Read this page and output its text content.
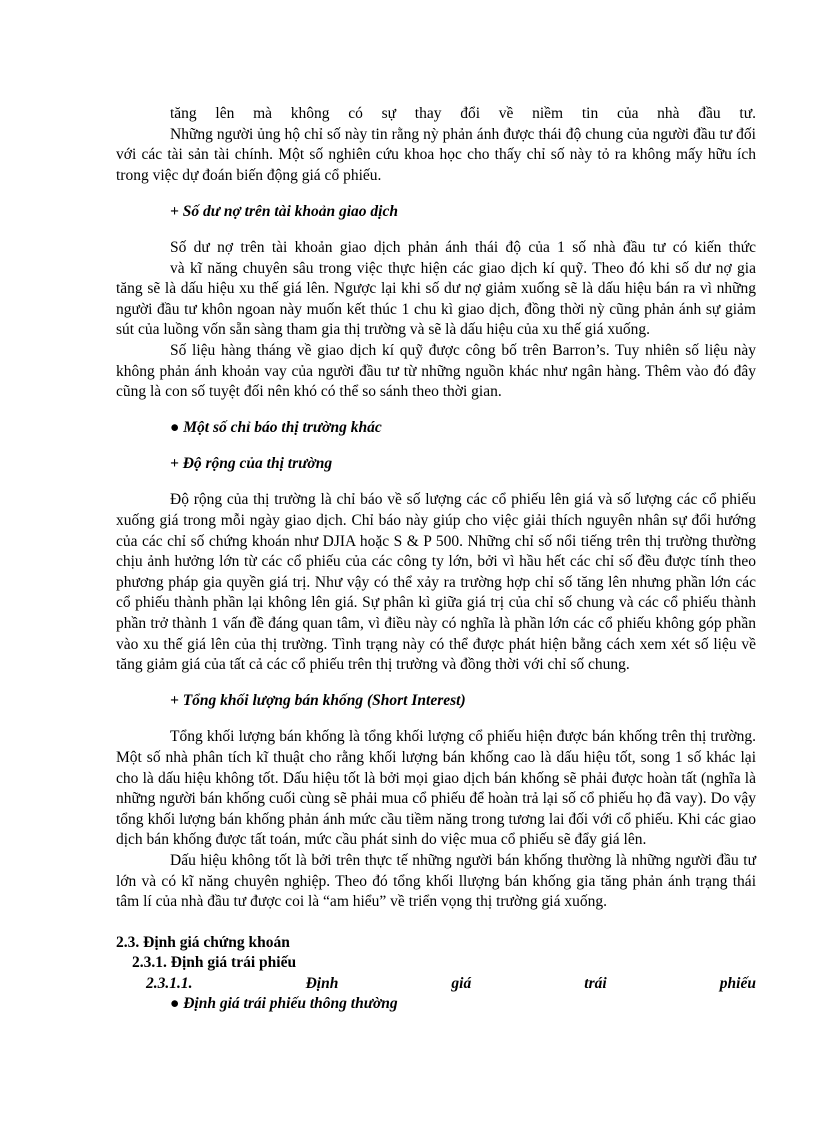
tăng lên mà không có sự thay đổi về niềm tin của nhà đầu tư.

Những người ủng hộ chỉ số này tin rằng nỳ phản ánh được thái độ chung của người đầu tư đối với các tài sản tài chính. Một số nghiên cứu khoa học cho thấy chỉ số này tỏ ra không mấy hữu ích trong việc dự đoán biến động giá cổ phiếu.

+ Số dư nợ trên tài khoản giao dịch

Số dư nợ trên tài khoản giao dịch phản ánh thái độ của 1 số nhà đầu tư có kiến thức

và kĩ năng chuyên sâu trong việc thực hiện các giao dịch kí quỹ. Theo đó khi số dư nợ gia tăng sẽ là dấu hiệu xu thế giá lên. Ngược lại khi số dư nợ giảm xuống sẽ là dấu hiệu bán ra vì những người đầu tư khôn ngoan này muốn kết thúc 1 chu kì giao dịch, đồng thời nỳ cũng phản ánh sự giảm sút của luồng vốn sẵn sàng tham gia thị trường và sẽ là dấu hiệu của xu thế giá xuống.

Số liệu hàng tháng về giao dịch kí quỹ được công bố trên Barron’s. Tuy nhiên số liệu này không phản ánh khoản vay của người đầu tư từ những nguồn khác như ngân hàng. Thêm vào đó đây cũng là con số tuyệt đối nên khó có thể so sánh theo thời gian.

● Một số chỉ báo thị trường khác

+ Độ rộng của thị trường

Độ rộng của thị trường là chỉ báo về số lượng các cổ phiếu lên giá và số lượng các cổ phiếu xuống giá trong mỗi ngày giao dịch. Chỉ báo này giúp cho việc giải thích nguyên nhân sự đổi hướng của các chỉ số chứng khoán như DJIA hoặc S & P 500. Những chỉ số nổi tiếng trên thị trường thường chịu ảnh hưởng lớn từ các cổ phiếu của các công ty lớn, bởi vì hầu hết các chỉ số đều được tính theo phương pháp gia quyền giá trị. Như vậy có thể xảy ra trường hợp chỉ số tăng lên nhưng phần lớn các cổ phiếu thành phần lại không lên giá. Sự phân kì giữa giá trị của chỉ số chung và các cổ phiếu thành phần trở thành 1 vấn đề đáng quan tâm, vì điều này có nghĩa là phần lớn các cổ phiếu không góp phần vào xu thế giá lên của thị trường. Tình trạng này có thể được phát hiện bằng cách xem xét số liệu về tăng giảm giá của tất cả các cổ phiếu trên thị trường và đồng thời với chỉ số chung.

+ Tổng khối lượng bán khống (Short Interest)

Tổng khối lượng bán khống là tổng khối lượng cổ phiếu hiện được bán khống trên thị trường. Một số nhà phân tích kĩ thuật cho rằng khối lượng bán khống cao là dấu hiệu tốt, song 1 số khác lại cho là dấu hiệu không tốt. Dấu hiệu tốt là bởi mọi giao dịch bán khống sẽ phải được hoàn tất (nghĩa là những người bán khống cuối cùng sẽ phải mua cổ phiếu để hoàn trả lại số cổ phiếu họ đã vay). Do vậy tổng khối lượng bán khống phản ánh mức cầu tiềm năng trong tương lai đối với cổ phiếu. Khi các giao dịch bán khống được tất toán, mức cầu phát sinh do việc mua cổ phiếu sẽ đẩy giá lên.

Dấu hiệu không tốt là bởi trên thực tế những người bán khống thường là những người đầu tư lớn và có kĩ năng chuyên nghiệp. Theo đó tổng khối llượng bán khống gia tăng phản ánh trạng thái tâm lí của nhà đầu tư được coi là “am hiểu” về triển vọng thị trường giá xuống.

2.3. Định giá chứng khoán

2.3.1. Định giá trái phiếu

2.3.1.1.	Định	giá	trái	phiếu

● Định giá trái phiếu thông thường
